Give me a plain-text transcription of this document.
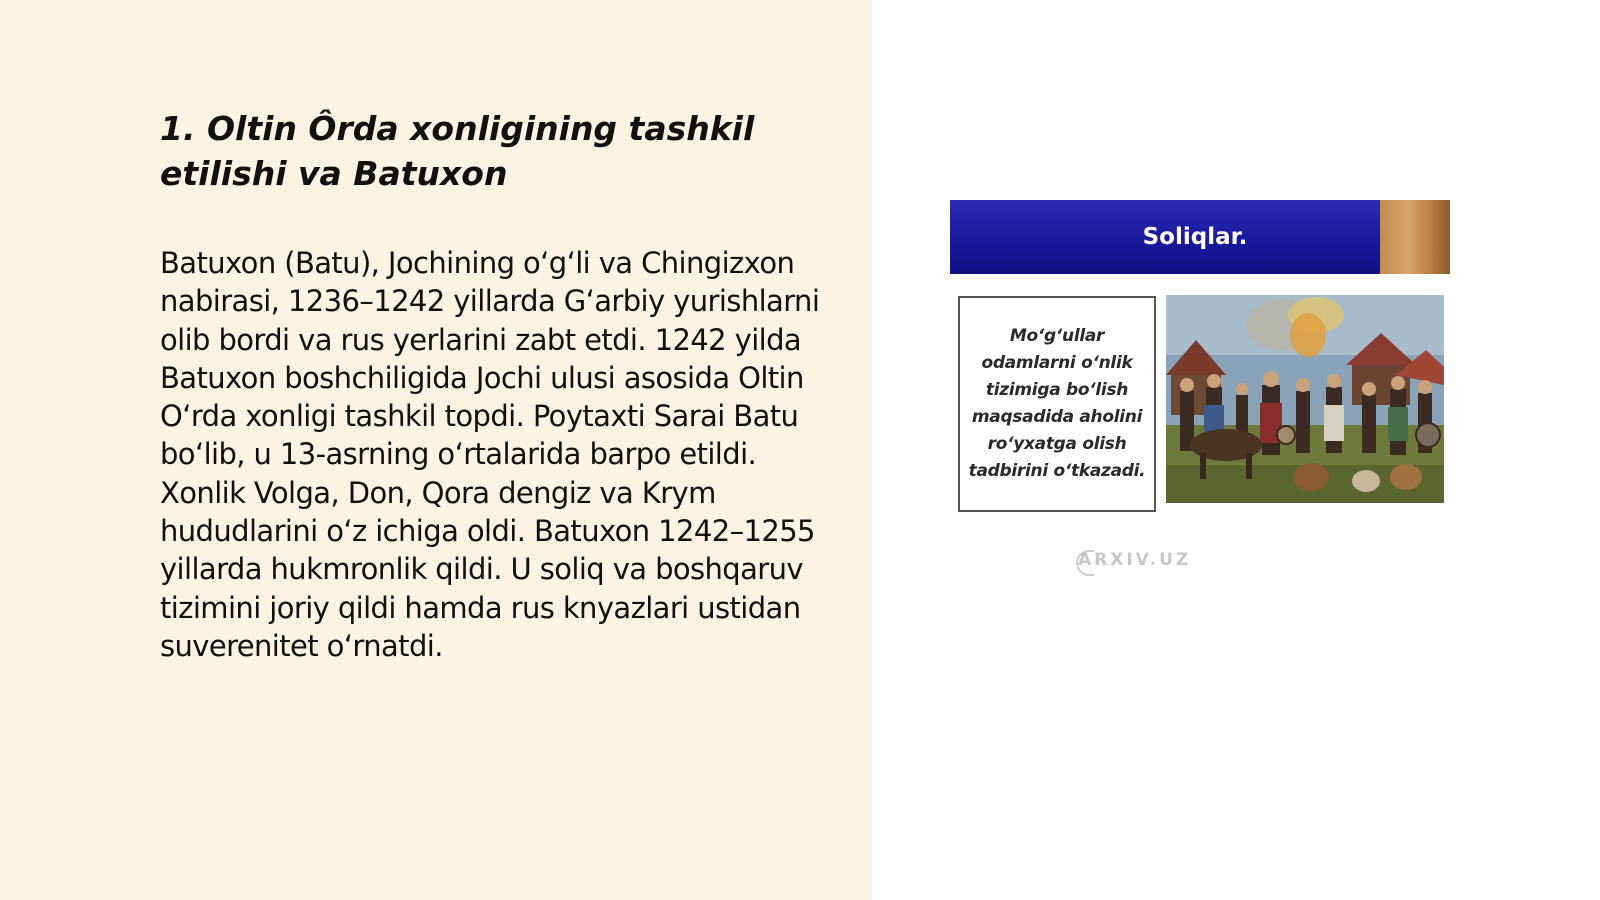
1. Oltin Ôrda xonligining tashkil etilishi va Batuxon

Batuxon (Batu), Jochining o‘g‘li va Chingizxon nabirasi, 1236–1242 yillarda G‘arbiy yurishlarni olib bordi va rus yerlarini zabt etdi. 1242 yilda Batuxon boshchiligida Jochi ulusi asosida Oltin O‘rda xonligi tashkil topdi. Poytaxti Sarai Batu bo‘lib, u 13-asrning o‘rtalarida barpo etildi. Xonlik Volga, Don, Qora dengiz va Krym hududlarini o‘z ichiga oldi. Batuxon 1242–1255 yillarda hukmronlik qildi. U soliq va boshqaruv tizimini joriy qildi hamda rus knyazlari ustidan suverenitet o‘rnatdi.

Soliqlar.
Mo‘g‘ullar odamlarni o‘nlik tizimiga bo‘lish maqsadida aholini ro‘yxatga olish tadbirini o‘tkazadi.
ARXIV.UZ
